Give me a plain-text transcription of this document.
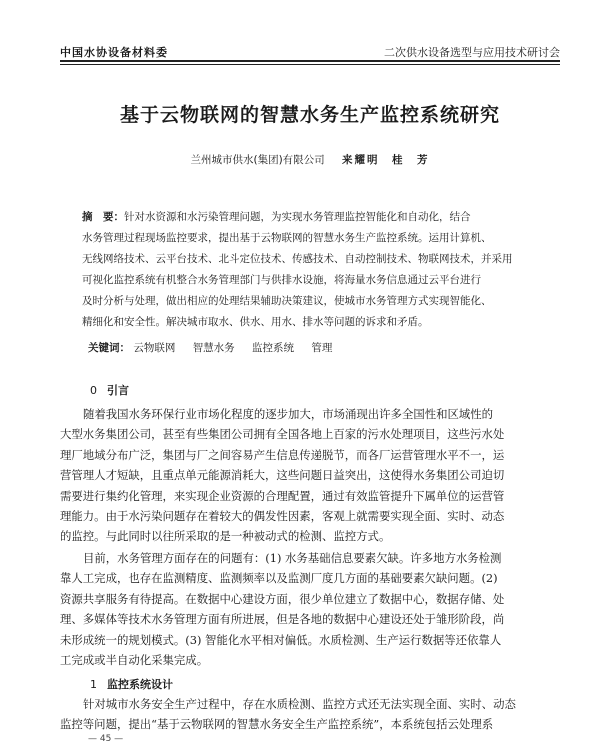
中国水协设备材料委	二次供水设备选型与应用技术研讨会
基于云物联网的智慧水务生产监控系统研究
兰州城市供水(集团)有限公司 来耀明　桂　芳
摘　要：针对水资源和水污染管理问题，为实现水务管理监控智能化和自动化，结合
水务管理过程现场监控要求，提出基于云物联网的智慧水务生产监控系统。运用计算机、
无线网络技术、云平台技术、北斗定位技术、传感技术、自动控制技术、物联网技术，并采用
可视化监控系统有机整合水务管理部门与供排水设施，将海量水务信息通过云平台进行
及时分析与处理，做出相应的处理结果辅助决策建议，使城市水务管理方式实现智能化、
精细化和安全性。解决城市取水、供水、用水、排水等问题的诉求和矛盾。
关键词： 云物联网 智慧水务 监控系统 管理
0 引言
随着我国水务环保行业市场化程度的逐步加大，市场涌现出许多全国性和区域性的
大型水务集团公司，甚至有些集团公司拥有全国各地上百家的污水处理项目，这些污水处
理厂地域分布广泛，集团与厂之间容易产生信息传递脱节，而各厂运营管理水平不一，运
营管理人才短缺，且重点单元能源消耗大，这些问题日益突出，这使得水务集团公司迫切
需要进行集约化管理，来实现企业资源的合理配置，通过有效监管提升下属单位的运营管
理能力。由于水污染问题存在着较大的偶发性因素，客观上就需要实现全面、实时、动态
的监控。与此同时以往所采取的是一种被动式的检测、监控方式。
目前，水务管理方面存在的问题有：(1) 水务基础信息要素欠缺。许多地方水务检测
靠人工完成，也存在监测精度、监测频率以及监测厂度几方面的基础要素欠缺问题。(2)
资源共享服务有待提高。在数据中心建设方面，很少单位建立了数据中心，数据存储、处
理、多媒体等技术水务管理方面有所进展，但是各地的数据中心建设还处于雏形阶段，尚
未形成统一的规划模式。(3) 智能化水平相对偏低。水质检测、生产运行数据等还依靠人
工完成或半自动化采集完成。
1 监控系统设计
针对城市水务安全生产过程中，存在水质检测、监控方式还无法实现全面、实时、动态
监控等问题，提出“基于云物联网的智慧水务安全生产监控系统”，本系统包括云处理系
— 45 —
